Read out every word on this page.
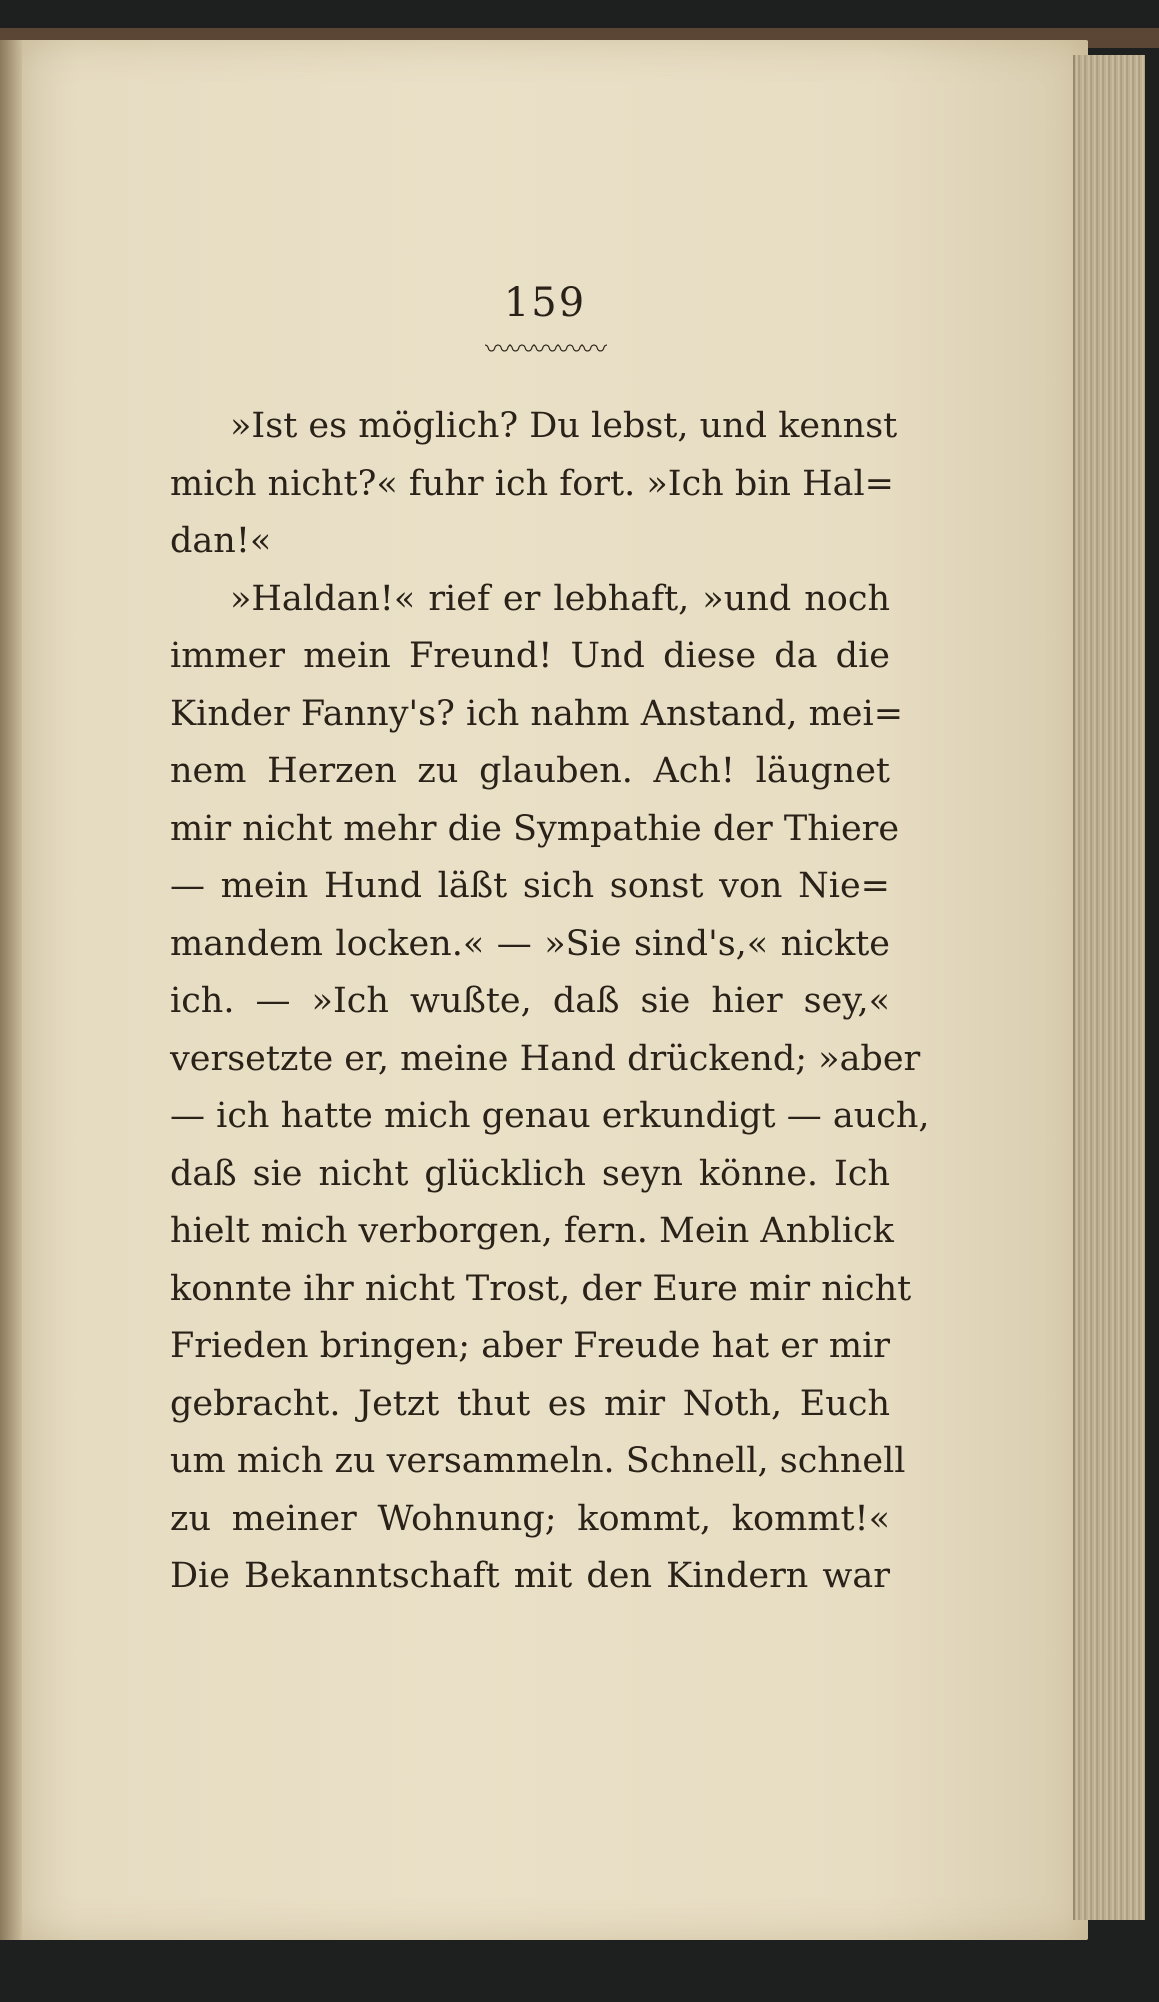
159
〰〰〰〰〰
»Ist es möglich? Du lebst, und kennst
mich nicht?« fuhr ich fort. »Ich bin Hal=
dan!«
»Haldan!« rief er lebhaft, »und noch
immer mein Freund! Und diese da die
Kinder Fanny's? ich nahm Anstand, mei=
nem Herzen zu glauben. Ach! läugnet
mir nicht mehr die Sympathie der Thiere
— mein Hund läßt sich sonst von Nie=
mandem locken.« — »Sie sind's,« nickte
ich. — »Ich wußte, daß sie hier sey,«
versetzte er, meine Hand drückend; »aber
— ich hatte mich genau erkundigt — auch,
daß sie nicht glücklich seyn könne. Ich
hielt mich verborgen, fern. Mein Anblick
konnte ihr nicht Trost, der Eure mir nicht
Frieden bringen; aber Freude hat er mir
gebracht. Jetzt thut es mir Noth, Euch
um mich zu versammeln. Schnell, schnell
zu meiner Wohnung; kommt, kommt!«
Die Bekanntschaft mit den Kindern war
